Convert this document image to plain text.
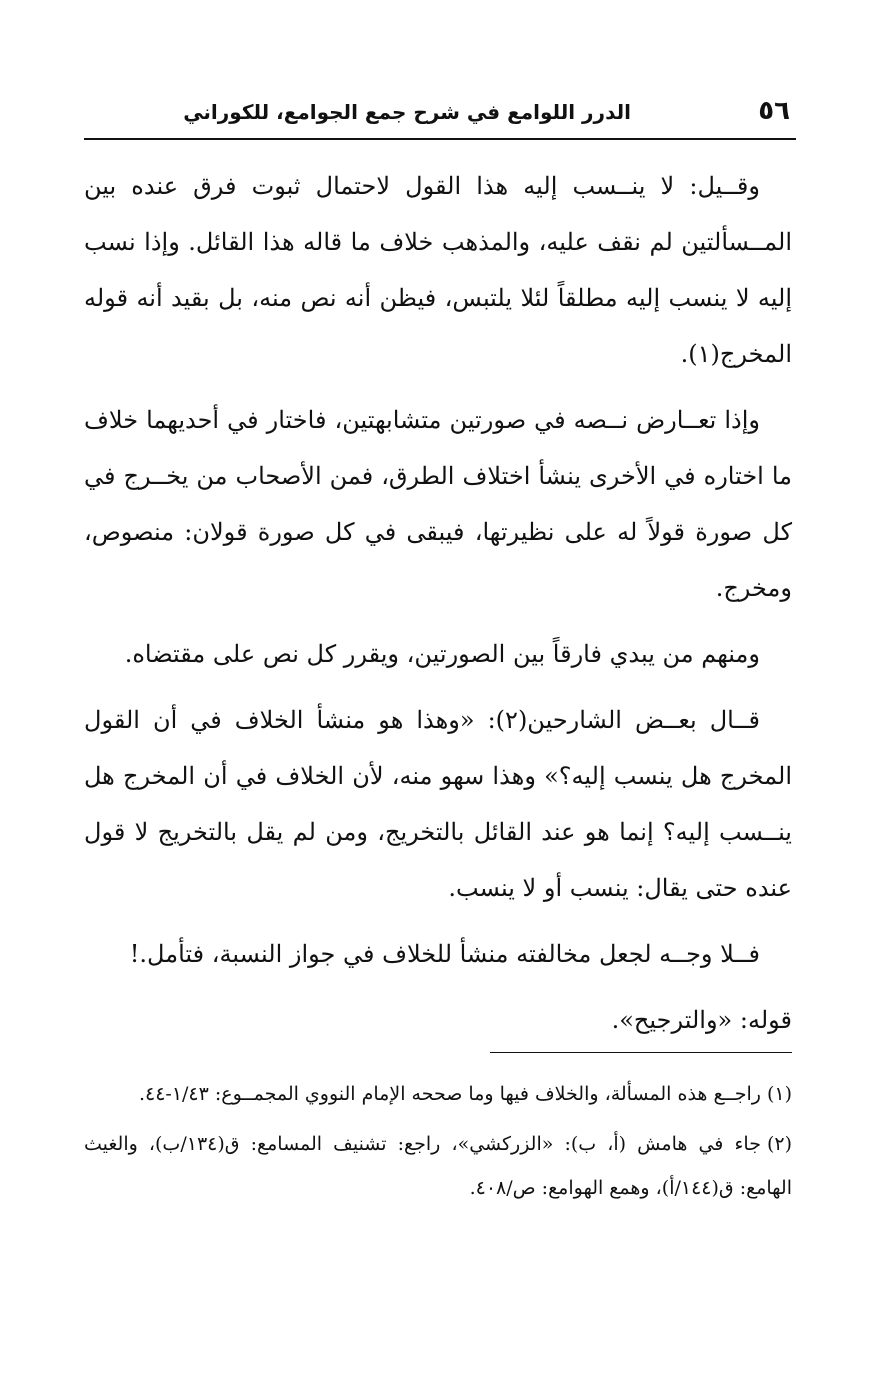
٥٦
الدرر اللوامع في شرح جمع الجوامع، للكوراني

وقــيل: لا ينــسب إليه هذا القول لاحتمال ثبوت فرق عنده بين المــسألتين لم نقف عليه، والمذهب خلاف ما قاله هذا القائل. وإذا نسب إليه لا ينسب إليه مطلقاً لئلا يلتبس، فيظن أنه نص منه، بل بقيد أنه قوله المخرج(١).

وإذا تعــارض نــصه في صورتين متشابهتين، فاختار في أحديهما خلاف ما اختاره في الأخرى ينشأ اختلاف الطرق، فمن الأصحاب من يخــرج في كل صورة قولاً له على نظيرتها، فيبقى في كل صورة قولان: منصوص، ومخرج.

ومنهم من يبدي فارقاً بين الصورتين، ويقرر كل نص على مقتضاه.

قــال بعــض الشارحين(٢): «وهذا هو منشأ الخلاف في أن القول المخرج هل ينسب إليه؟» وهذا سهو منه، لأن الخلاف في أن المخرج هل ينــسب إليه؟ إنما هو عند القائل بالتخريج، ومن لم يقل بالتخريج لا قول عنده حتى يقال: ينسب أو لا ينسب.

فــلا وجــه لجعل مخالفته منشأ للخلاف في جواز النسبة، فتأمل.!

قوله: «والترجيح».

(١)راجــع هذه المسألة، والخلاف فيها وما صححه الإمام النووي المجمــوع: ١/٤٣-٤٤.

(٢)جاء في هامش (أ، ب): «الزركشي»، راجع: تشنيف المسامع: ق(١٣٤/ب)، والغيث الهامع: ق(١٤٤/أ)، وهمع الهوامع: ص/٤٠٨.
